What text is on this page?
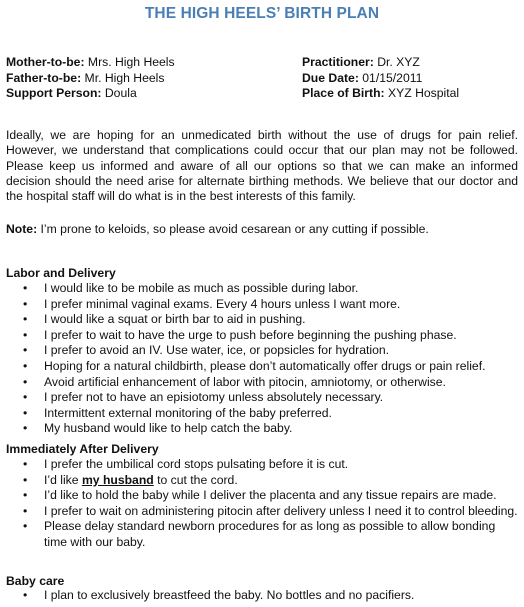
THE HIGH HEELS’ BIRTH PLAN
Mother-to-be: Mrs. High Heels
Father-to-be: Mr. High Heels
Support Person: Doula
Practitioner: Dr. XYZ
Due Date: 01/15/2011
Place of Birth: XYZ Hospital
Ideally, we are hoping for an unmedicated birth without the use of drugs for pain relief. However, we understand that complications could occur that our plan may not be followed. Please keep us informed and aware of all our options so that we can make an informed decision should the need arise for alternate birthing methods. We believe that our doctor and the hospital staff will do what is in the best interests of this family.
Note: I’m prone to keloids, so please avoid cesarean or any cutting if possible.
Labor and Delivery
• I would like to be mobile as much as possible during labor.
• I prefer minimal vaginal exams. Every 4 hours unless I want more.
• I would like a squat or birth bar to aid in pushing.
• I prefer to wait to have the urge to push before beginning the pushing phase.
• I prefer to avoid an IV. Use water, ice, or popsicles for hydration.
• Hoping for a natural childbirth, please don’t automatically offer drugs or pain relief.
• Avoid artificial enhancement of labor with pitocin, amniotomy, or otherwise.
• I prefer not to have an episiotomy unless absolutely necessary.
• Intermittent external monitoring of the baby preferred.
• My husband would like to help catch the baby.
Immediately After Delivery
• I prefer the umbilical cord stops pulsating before it is cut.
• I’d like my husband to cut the cord.
• I’d like to hold the baby while I deliver the placenta and any tissue repairs are made.
• I prefer to wait on administering pitocin after delivery unless I need it to control bleeding.
• Please delay standard newborn procedures for as long as possible to allow bonding time with our baby.
Baby care
• I plan to exclusively breastfeed the baby. No bottles and no pacifiers.
